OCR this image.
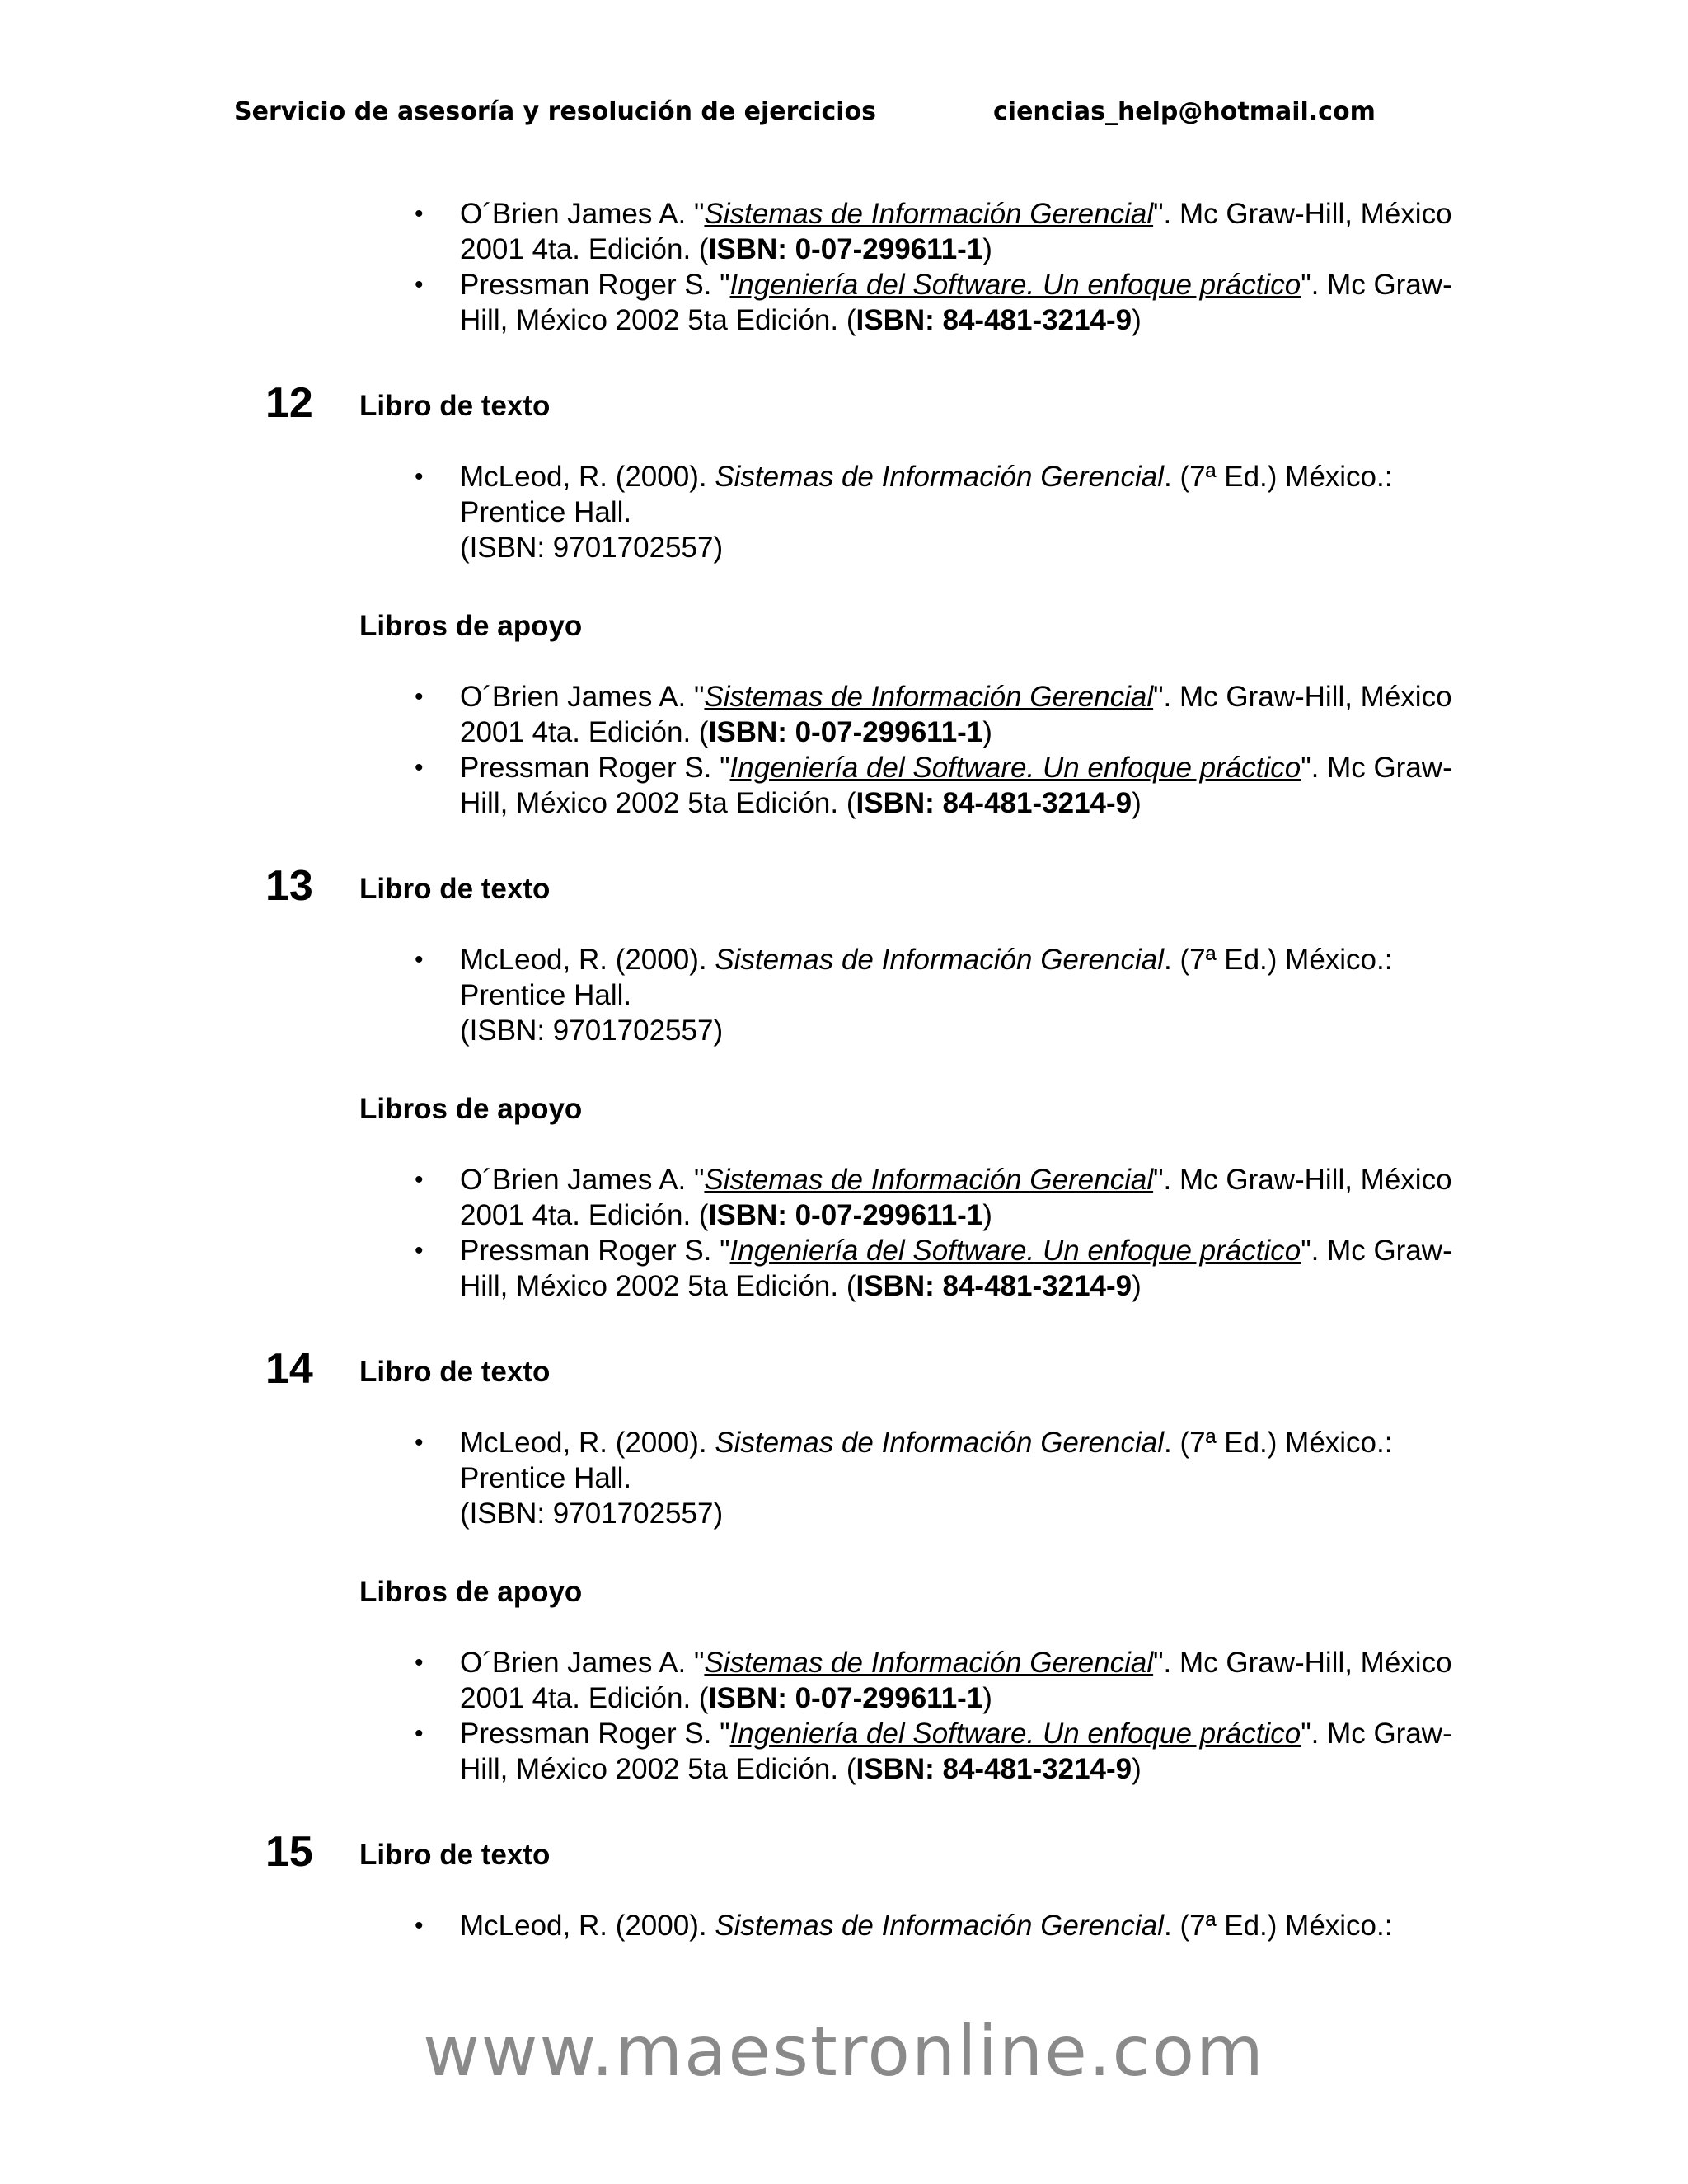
Servicio de asesoría y resolución de ejercicios	ciencias_help@hotmail.com
• O´Brien James A. "Sistemas de Información Gerencial". Mc Graw-Hill, México 2001 4ta. Edición. (ISBN: 0-07-299611-1)
• Pressman Roger S. "Ingeniería del Software. Un enfoque práctico". Mc Graw-Hill, México 2002 5ta Edición. (ISBN: 84-481-3214-9)
12 Libro de texto
• McLeod, R. (2000). Sistemas de Información Gerencial. (7ª Ed.) México.: Prentice Hall.
(ISBN: 9701702557)
Libros de apoyo
• O´Brien James A. "Sistemas de Información Gerencial". Mc Graw-Hill, México 2001 4ta. Edición. (ISBN: 0-07-299611-1)
• Pressman Roger S. "Ingeniería del Software. Un enfoque práctico". Mc Graw-Hill, México 2002 5ta Edición. (ISBN: 84-481-3214-9)
13 Libro de texto
• McLeod, R. (2000). Sistemas de Información Gerencial. (7ª Ed.) México.: Prentice Hall.
(ISBN: 9701702557)
Libros de apoyo
• O´Brien James A. "Sistemas de Información Gerencial". Mc Graw-Hill, México 2001 4ta. Edición. (ISBN: 0-07-299611-1)
• Pressman Roger S. "Ingeniería del Software. Un enfoque práctico". Mc Graw-Hill, México 2002 5ta Edición. (ISBN: 84-481-3214-9)
14 Libro de texto
• McLeod, R. (2000). Sistemas de Información Gerencial. (7ª Ed.) México.: Prentice Hall.
(ISBN: 9701702557)
Libros de apoyo
• O´Brien James A. "Sistemas de Información Gerencial". Mc Graw-Hill, México 2001 4ta. Edición. (ISBN: 0-07-299611-1)
• Pressman Roger S. "Ingeniería del Software. Un enfoque práctico". Mc Graw-Hill, México 2002 5ta Edición. (ISBN: 84-481-3214-9)
15 Libro de texto
• McLeod, R. (2000). Sistemas de Información Gerencial. (7ª Ed.) México.:
www.maestronline.com
